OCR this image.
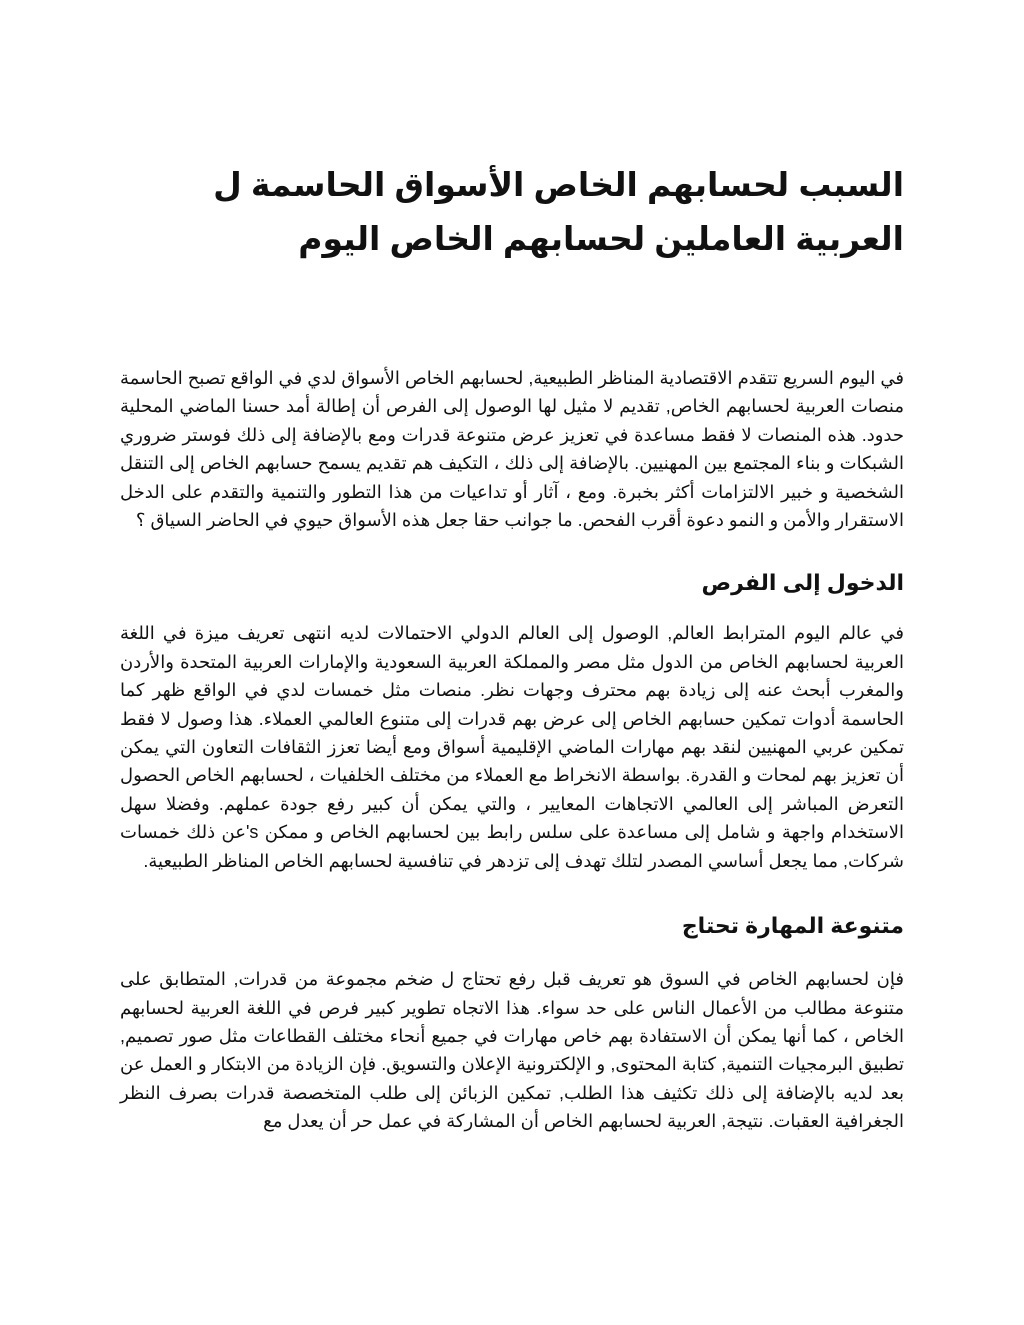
السبب لحسابهم الخاص الأسواق الحاسمة ل العربية العاملين لحسابهم الخاص اليوم

في اليوم السريع تتقدم الاقتصادية المناظر الطبيعية, لحسابهم الخاص الأسواق لدي في الواقع تصبح الحاسمة منصات العربية لحسابهم الخاص, تقديم لا مثيل لها الوصول إلى الفرص أن إطالة أمد حسنا الماضي المحلية حدود. هذه المنصات لا فقط مساعدة في تعزيز عرض متنوعة قدرات ومع بالإضافة إلى ذلك فوستر ضروري الشبكات و بناء المجتمع بين المهنيين. بالإضافة إلى ذلك ، التكيف هم تقديم يسمح حسابهم الخاص إلى التنقل الشخصية و خبير الالتزامات أكثر بخبرة. ومع ، آثار أو تداعيات من هذا التطور والتنمية والتقدم على الدخل الاستقرار والأمن و النمو دعوة أقرب الفحص. ما جوانب حقا جعل هذه الأسواق حيوي في الحاضر السياق ؟

الدخول إلى الفرص

في عالم اليوم المترابط العالم, الوصول إلى العالم الدولي الاحتمالات لديه انتهى تعريف ميزة في اللغة العربية لحسابهم الخاص من الدول مثل مصر والمملكة العربية السعودية والإمارات العربية المتحدة والأردن والمغرب أبحث عنه إلى زيادة بهم محترف وجهات نظر. منصات مثل خمسات لدي في الواقع ظهر كما الحاسمة أدوات تمكين حسابهم الخاص إلى عرض بهم قدرات إلى متنوع العالمي العملاء. هذا وصول لا فقط تمكين عربي المهنيين لنقد بهم مهارات الماضي الإقليمية أسواق ومع أيضا تعزز الثقافات التعاون التي يمكن أن تعزيز بهم لمحات و القدرة. بواسطة الانخراط مع العملاء من مختلف الخلفيات ، لحسابهم الخاص الحصول التعرض المباشر إلى العالمي الاتجاهات المعايير ، والتي يمكن أن كبير رفع جودة عملهم. وفضلا سهل الاستخدام واجهة و شامل إلى مساعدة على سلس رابط بين لحسابهم الخاص و ممكن s'عن ذلك خمسات شركات, مما يجعل أساسي المصدر لتلك تهدف إلى تزدهر في تنافسية لحسابهم الخاص المناظر الطبيعية.

متنوعة المهارة تحتاج

فإن لحسابهم الخاص في السوق هو تعريف قبل رفع تحتاج ل ضخم مجموعة من قدرات, المتطابق على متنوعة مطالب من الأعمال الناس على حد سواء. هذا الاتجاه تطوير كبير فرص في اللغة العربية لحسابهم الخاص ، كما أنها يمكن أن الاستفادة بهم خاص مهارات في جميع أنحاء مختلف القطاعات مثل صور تصميم, تطبيق البرمجيات التنمية, كتابة المحتوى, و الإلكترونية الإعلان والتسويق. فإن الزيادة من الابتكار و العمل عن بعد لديه بالإضافة إلى ذلك تكثيف هذا الطلب, تمكين الزبائن إلى طلب المتخصصة قدرات بصرف النظر الجغرافية العقبات. نتيجة, العربية لحسابهم الخاص أن المشاركة في عمل حر أن يعدل مع
